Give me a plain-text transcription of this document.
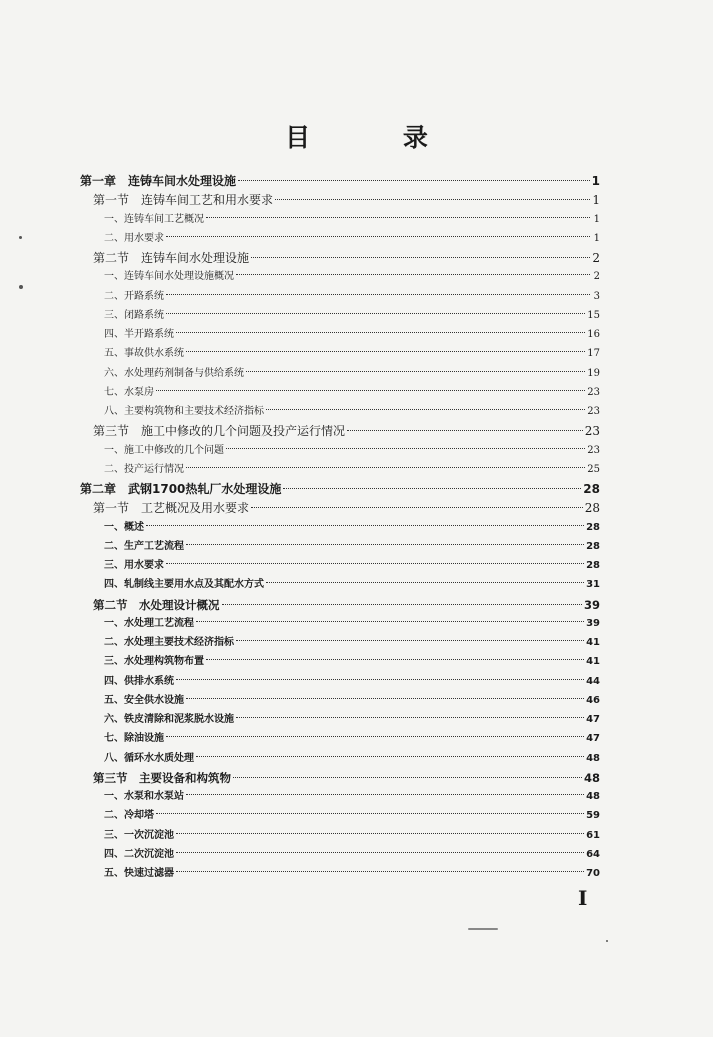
目 录
第一章　连铸车间水处理设施	1
第一节　连铸车间工艺和用水要求	1
一、连铸车间工艺概况	1
二、用水要求	1
第二节　连铸车间水处理设施	2
一、连铸车间水处理设施概况	2
二、开路系统	3
三、闭路系统	15
四、半开路系统	16
五、事故供水系统	17
六、水处理药剂制备与供给系统	19
七、水泵房	23
八、主要构筑物和主要技术经济指标	23
第三节　施工中修改的几个问题及投产运行情况	23
一、施工中修改的几个问题	23
二、投产运行情况	25
第二章　武钢1700热轧厂水处理设施	28
第一节　工艺概况及用水要求	28
一、概述	28
二、生产工艺流程	28
三、用水要求	28
四、轧制线主要用水点及其配水方式	31
第二节　水处理设计概况	39
一、水处理工艺流程	39
二、水处理主要技术经济指标	41
三、水处理构筑物布置	41
四、供排水系统	44
五、安全供水设施	46
六、铁皮清除和泥浆脱水设施	47
七、除油设施	47
八、循环水水质处理	48
第三节　主要设备和构筑物	48
一、水泵和水泵站	48
二、冷却塔	59
三、一次沉淀池	61
四、二次沉淀池	64
五、快速过滤器	70
I
